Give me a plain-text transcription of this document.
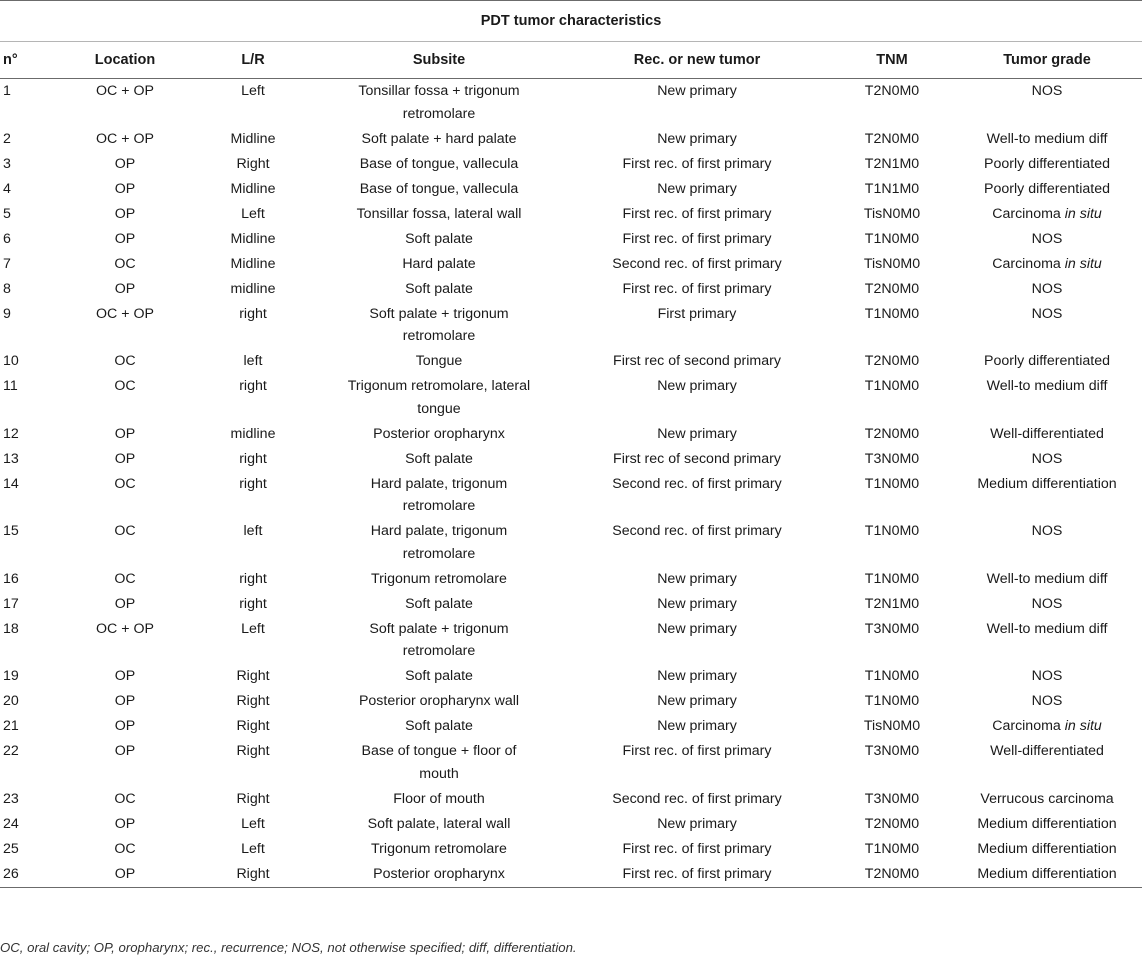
PDT tumor characteristics						
n°	Location	L/R	Subsite	Rec. or new tumor	TNM	Tumor grade
1	OC + OP	Left	Tonsillar fossa + trigonum retromolare	New primary	T2N0M0	NOS
2	OC + OP	Midline	Soft palate + hard palate	New primary	T2N0M0	Well-to medium diff
3	OP	Right	Base of tongue, vallecula	First rec. of first primary	T2N1M0	Poorly differentiated
4	OP	Midline	Base of tongue, vallecula	New primary	T1N1M0	Poorly differentiated
5	OP	Left	Tonsillar fossa, lateral wall	First rec. of first primary	TisN0M0	Carcinoma in situ
6	OP	Midline	Soft palate	First rec. of first primary	T1N0M0	NOS
7	OC	Midline	Hard palate	Second rec. of first primary	TisN0M0	Carcinoma in situ
8	OP	midline	Soft palate	First rec. of first primary	T2N0M0	NOS
9	OC + OP	right	Soft palate + trigonum retromolare	First primary	T1N0M0	NOS
10	OC	left	Tongue	First rec of second primary	T2N0M0	Poorly differentiated
11	OC	right	Trigonum retromolare, lateral tongue	New primary	T1N0M0	Well-to medium diff
12	OP	midline	Posterior oropharynx	New primary	T2N0M0	Well-differentiated
13	OP	right	Soft palate	First rec of second primary	T3N0M0	NOS
14	OC	right	Hard palate, trigonum retromolare	Second rec. of first primary	T1N0M0	Medium differentiation
15	OC	left	Hard palate, trigonum retromolare	Second rec. of first primary	T1N0M0	NOS
16	OC	right	Trigonum retromolare	New primary	T1N0M0	Well-to medium diff
17	OP	right	Soft palate	New primary	T2N1M0	NOS
18	OC + OP	Left	Soft palate + trigonum retromolare	New primary	T3N0M0	Well-to medium diff
19	OP	Right	Soft palate	New primary	T1N0M0	NOS
20	OP	Right	Posterior oropharynx wall	New primary	T1N0M0	NOS
21	OP	Right	Soft palate	New primary	TisN0M0	Carcinoma in situ
22	OP	Right	Base of tongue + floor of mouth	First rec. of first primary	T3N0M0	Well-differentiated
23	OC	Right	Floor of mouth	Second rec. of first primary	T3N0M0	Verrucous carcinoma
24	OP	Left	Soft palate, lateral wall	New primary	T2N0M0	Medium differentiation
25	OC	Left	Trigonum retromolare	First rec. of first primary	T1N0M0	Medium differentiation
26	OP	Right	Posterior oropharynx	First rec. of first primary	T2N0M0	Medium differentiation
OC, oral cavity; OP, oropharynx; rec., recurrence; NOS, not otherwise specified; diff, differentiation.
